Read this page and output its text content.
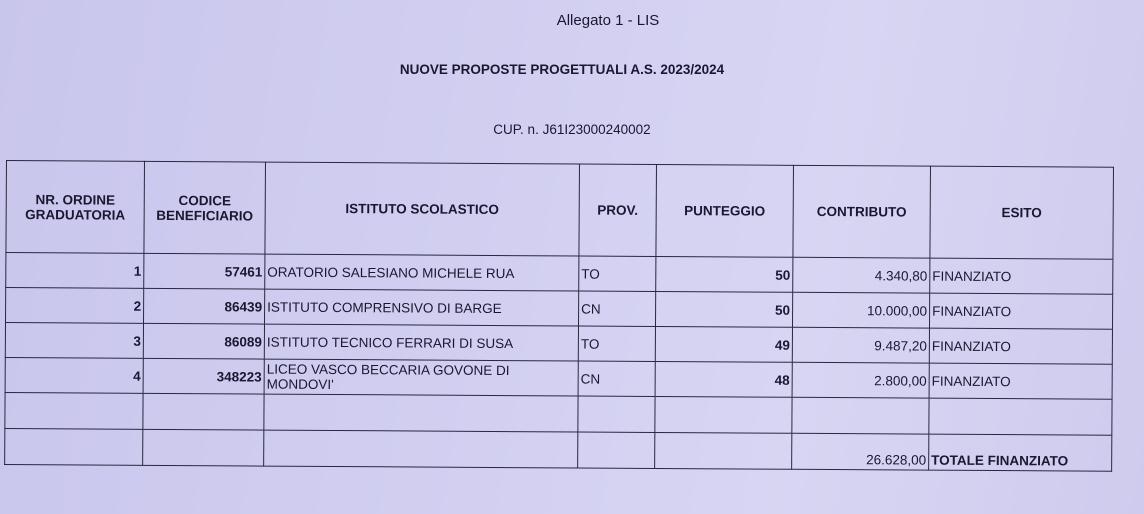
Allegato 1 - LIS
NUOVE PROPOSTE PROGETTUALI A.S. 2023/2024
CUP. n. J61I23000240002
NR. ORDINE GRADUATORIA	CODICE BENEFICIARIO	ISTITUTO SCOLASTICO	PROV.	PUNTEGGIO	CONTRIBUTO	ESITO
1	57461	ORATORIO SALESIANO MICHELE RUA	TO	50	4.340,80	FINANZIATO
2	86439	ISTITUTO COMPRENSIVO DI BARGE	CN	50	10.000,00	FINANZIATO
3	86089	ISTITUTO TECNICO FERRARI DI SUSA	TO	49	9.487,20	FINANZIATO
4	348223	LICEO VASCO BECCARIA GOVONE DI MONDOVI'	CN	48	2.800,00	FINANZIATO

					26.628,00	TOTALE FINANZIATO
